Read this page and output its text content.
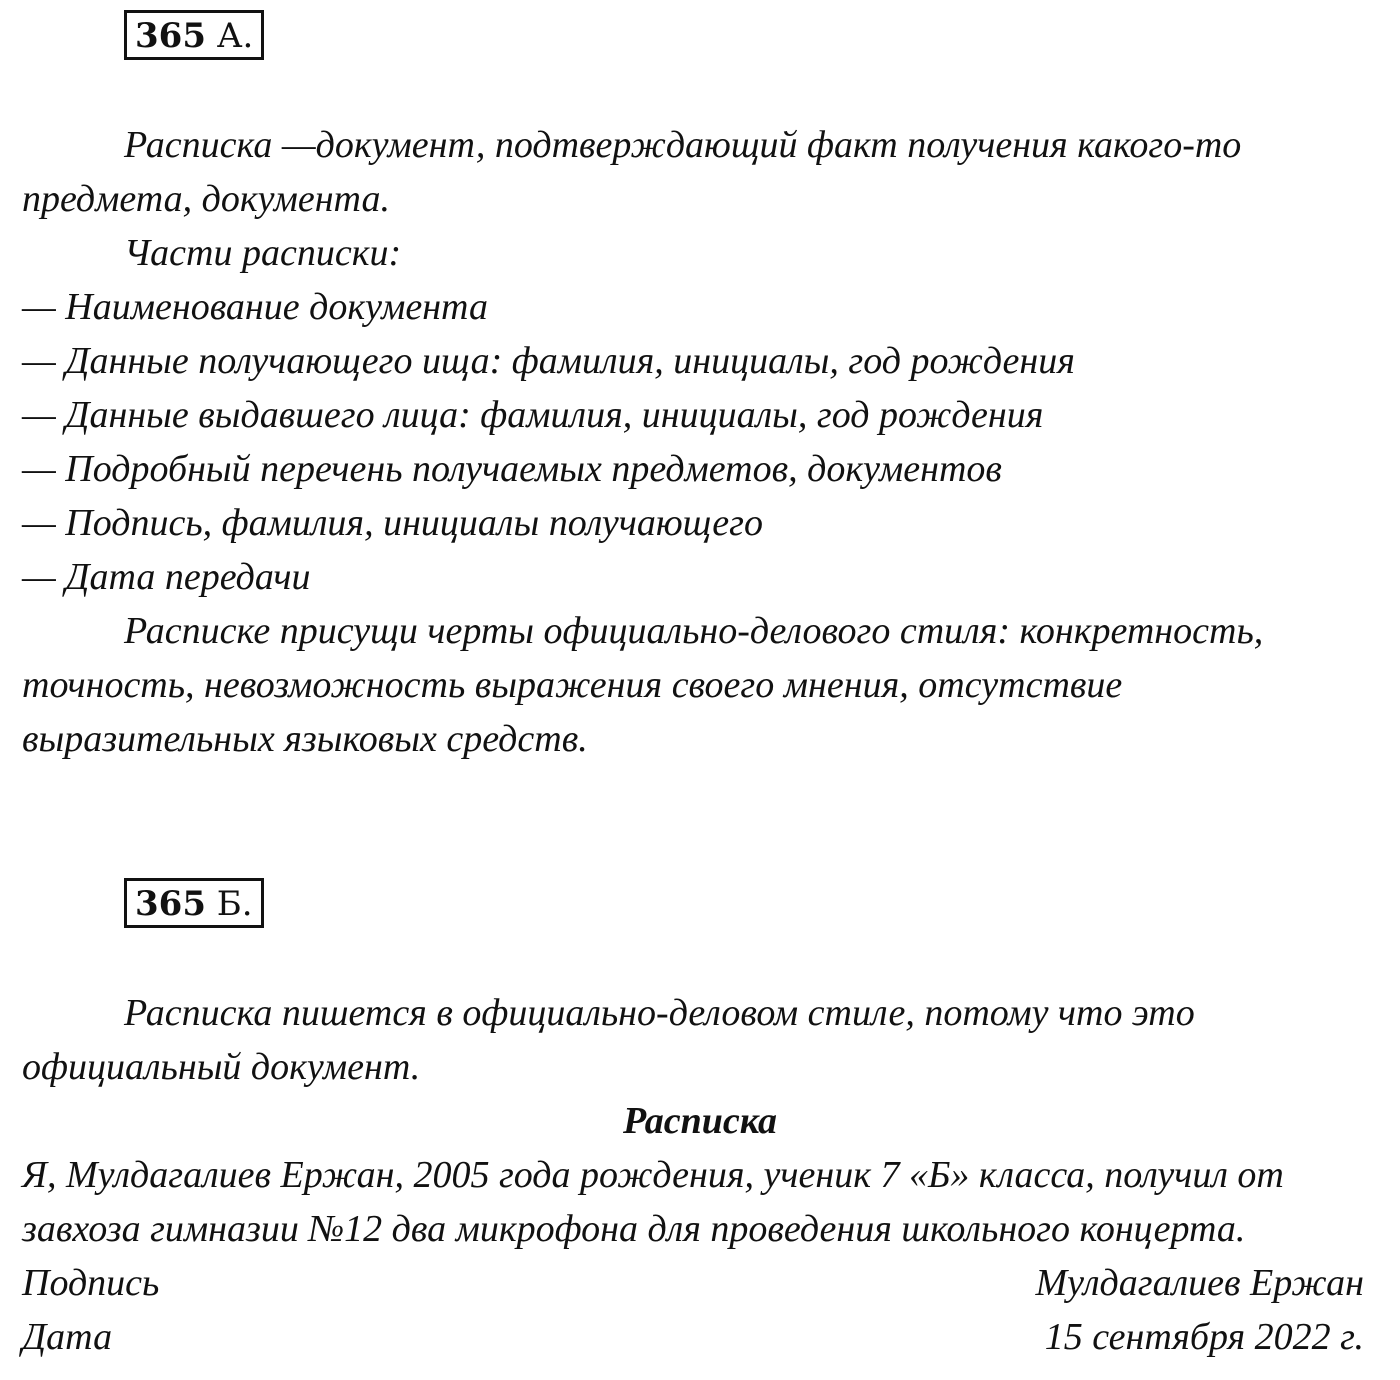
365 А.
Расписка —документ, подтверждающий факт получения какого-то
предмета, документа.
Части расписки:
— Наименование документа
— Данные получающего ища: фамилия, инициалы, год рождения
— Данные выдавшего лица: фамилия, инициалы, год рождения
— Подробный перечень получаемых предметов, документов
— Подпись, фамилия, инициалы получающего
— Дата передачи
Расписке присущи черты официально-делового стиля: конкретность,
точность, невозможность выражения своего мнения, отсутствие
выразительных языковых средств.
365 Б.
Расписка пишется в официально-деловом стиле, потому что это
официальный документ.
Расписка
Я, Мулдагалиев Ержан, 2005 года рождения, ученик 7 «Б» класса, получил от
завхоза гимназии №12 два микрофона для проведения школьного концерта.
Подпись	Мулдагалиев Ержан
Дата	15 сентября 2022 г.
